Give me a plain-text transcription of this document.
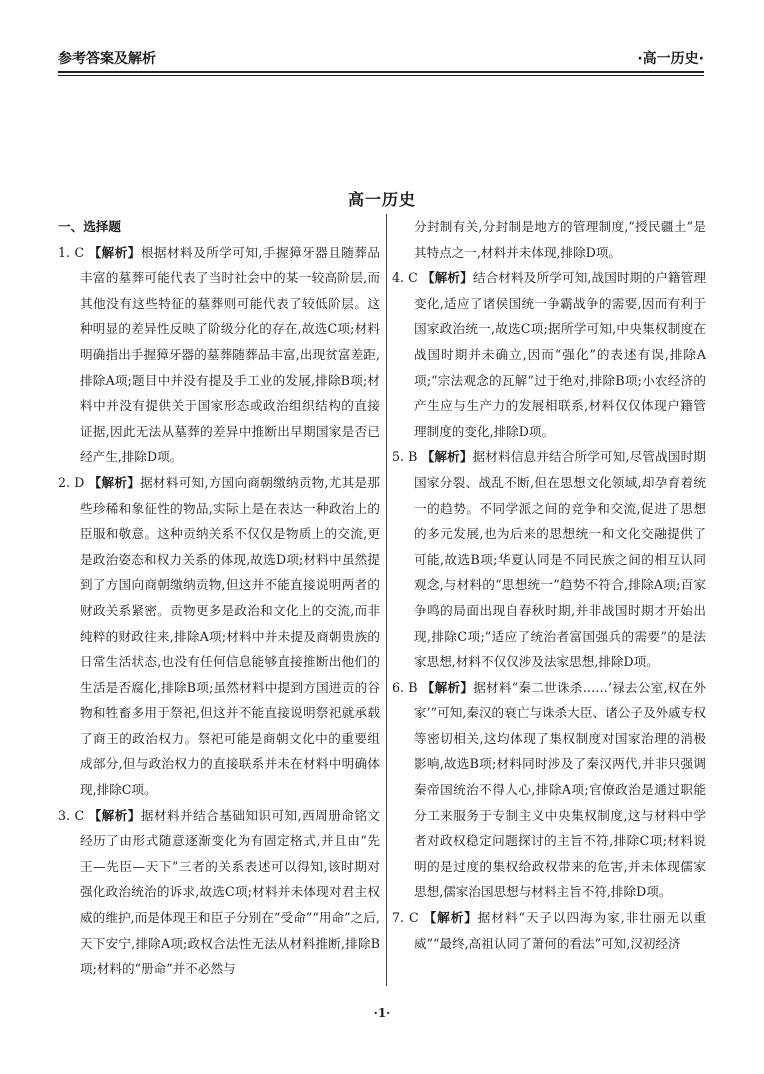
参考答案及解析	·高一历史·
高一历史
一、选择题

1. C 【解析】根据材料及所学可知,手握獐牙器且随葬品丰富的墓葬可能代表了当时社会中的某一较高阶层,而其他没有这些特征的墓葬则可能代表了较低阶层。这种明显的差异性反映了阶级分化的存在,故选C项;材料明确指出手握獐牙器的墓葬随葬品丰富,出现贫富差距,排除A项;题目中并没有提及手工业的发展,排除B项;材料中并没有提供关于国家形态或政治组织结构的直接证据,因此无法从墓葬的差异中推断出早期国家是否已经产生,排除D项。

2. D 【解析】据材料可知,方国向商朝缴纳贡物,尤其是那些珍稀和象征性的物品,实际上是在表达一种政治上的臣服和敬意。这种贡纳关系不仅仅是物质上的交流,更是政治姿态和权力关系的体现,故选D项;材料中虽然提到了方国向商朝缴纳贡物,但这并不能直接说明两者的财政关系紧密。贡物更多是政治和文化上的交流,而非纯粹的财政往来,排除A项;材料中并未提及商朝贵族的日常生活状态,也没有任何信息能够直接推断出他们的生活是否腐化,排除B项;虽然材料中提到方国进贡的谷物和牲畜多用于祭祀,但这并不能直接说明祭祀就承载了商王的政治权力。祭祀可能是商朝文化中的重要组成部分,但与政治权力的直接联系并未在材料中明确体现,排除C项。

3. C 【解析】据材料并结合基础知识可知,西周册命铭文经历了由形式随意逐渐变化为有固定格式,并且由“先王—先臣—天下”三者的关系表述可以得知,该时期对强化政治统治的诉求,故选C项;材料并未体现对君主权威的维护,而是体现王和臣子分别在“受命”“用命”之后,天下安宁,排除A项;政权合法性无法从材料推断,排除B项;材料的“册命”并不必然与

分封制有关,分封制是地方的管理制度,“授民疆土”是其特点之一,材料并未体现,排除D项。

4. C 【解析】结合材料及所学可知,战国时期的户籍管理变化,适应了诸侯国统一争霸战争的需要,因而有利于国家政治统一,故选C项;据所学可知,中央集权制度在战国时期并未确立,因而“强化”的表述有误,排除A项;“宗法观念的瓦解”过于绝对,排除B项;小农经济的产生应与生产力的发展相联系,材料仅仅体现户籍管理制度的变化,排除D项。

5. B 【解析】据材料信息并结合所学可知,尽管战国时期国家分裂、战乱不断,但在思想文化领域,却孕育着统一的趋势。不同学派之间的竞争和交流,促进了思想的多元发展,也为后来的思想统一和文化交融提供了可能,故选B项;华夏认同是不同民族之间的相互认同观念,与材料的“思想统一”趋势不符合,排除A项;百家争鸣的局面出现自春秋时期,并非战国时期才开始出现,排除C项;“适应了统治者富国强兵的需要”的是法家思想,材料不仅仅涉及法家思想,排除D项。

6. B 【解析】据材料“秦二世诛杀……‘禄去公室,权在外家’”可知,秦汉的衰亡与诛杀大臣、诸公子及外戚专权等密切相关,这均体现了集权制度对国家治理的消极影响,故选B项;材料同时涉及了秦汉两代,并非只强调秦帝国统治不得人心,排除A项;官僚政治是通过职能分工来服务于专制主义中央集权制度,这与材料中学者对政权稳定问题探讨的主旨不符,排除C项;材料说明的是过度的集权给政权带来的危害,并未体现儒家思想,儒家治国思想与材料主旨不符,排除D项。

7. C 【解析】据材料“天子以四海为家,非壮丽无以重威”“最终,高祖认同了萧何的看法”可知,汉初经济

·1·
